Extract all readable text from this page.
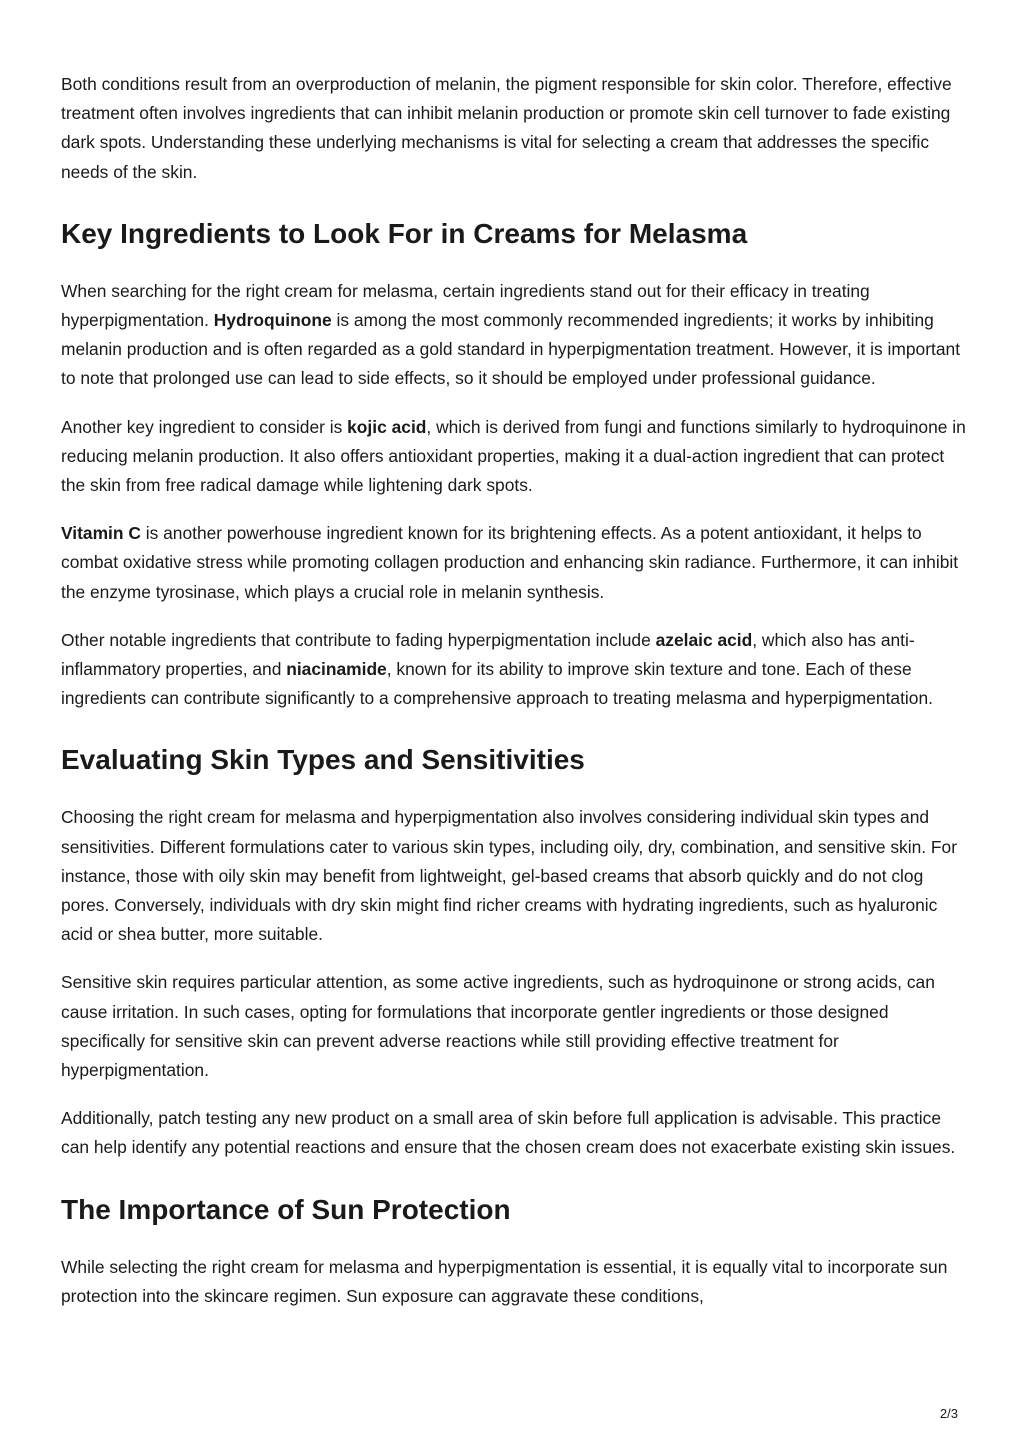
Both conditions result from an overproduction of melanin, the pigment responsible for skin color. Therefore, effective treatment often involves ingredients that can inhibit melanin production or promote skin cell turnover to fade existing dark spots. Understanding these underlying mechanisms is vital for selecting a cream that addresses the specific needs of the skin.

Key Ingredients to Look For in Creams for Melasma

When searching for the right cream for melasma, certain ingredients stand out for their efficacy in treating hyperpigmentation. Hydroquinone is among the most commonly recommended ingredients; it works by inhibiting melanin production and is often regarded as a gold standard in hyperpigmentation treatment. However, it is important to note that prolonged use can lead to side effects, so it should be employed under professional guidance.

Another key ingredient to consider is kojic acid, which is derived from fungi and functions similarly to hydroquinone in reducing melanin production. It also offers antioxidant properties, making it a dual-action ingredient that can protect the skin from free radical damage while lightening dark spots.

Vitamin C is another powerhouse ingredient known for its brightening effects. As a potent antioxidant, it helps to combat oxidative stress while promoting collagen production and enhancing skin radiance. Furthermore, it can inhibit the enzyme tyrosinase, which plays a crucial role in melanin synthesis.

Other notable ingredients that contribute to fading hyperpigmentation include azelaic acid, which also has anti-inflammatory properties, and niacinamide, known for its ability to improve skin texture and tone. Each of these ingredients can contribute significantly to a comprehensive approach to treating melasma and hyperpigmentation.

Evaluating Skin Types and Sensitivities

Choosing the right cream for melasma and hyperpigmentation also involves considering individual skin types and sensitivities. Different formulations cater to various skin types, including oily, dry, combination, and sensitive skin. For instance, those with oily skin may benefit from lightweight, gel-based creams that absorb quickly and do not clog pores. Conversely, individuals with dry skin might find richer creams with hydrating ingredients, such as hyaluronic acid or shea butter, more suitable.

Sensitive skin requires particular attention, as some active ingredients, such as hydroquinone or strong acids, can cause irritation. In such cases, opting for formulations that incorporate gentler ingredients or those designed specifically for sensitive skin can prevent adverse reactions while still providing effective treatment for hyperpigmentation.

Additionally, patch testing any new product on a small area of skin before full application is advisable. This practice can help identify any potential reactions and ensure that the chosen cream does not exacerbate existing skin issues.

The Importance of Sun Protection

While selecting the right cream for melasma and hyperpigmentation is essential, it is equally vital to incorporate sun protection into the skincare regimen. Sun exposure can aggravate these conditions,

2/3
